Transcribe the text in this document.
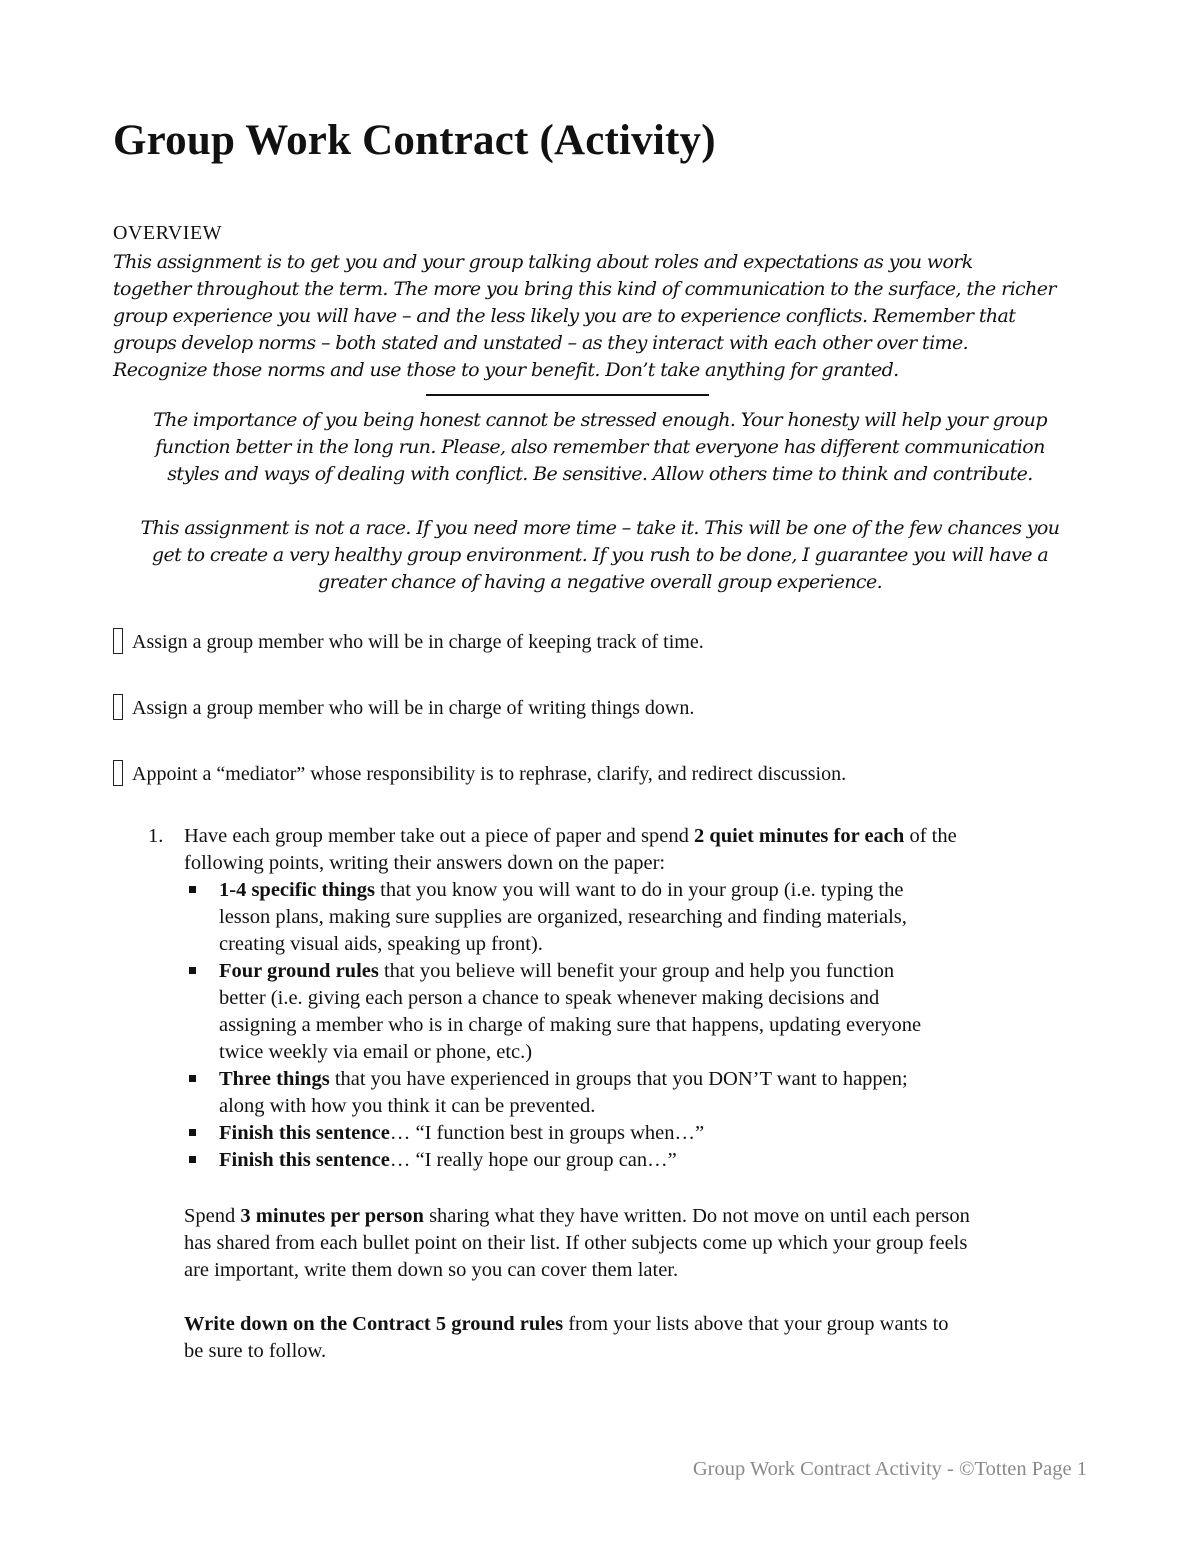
Group Work Contract (Activity)
OVERVIEW
This assignment is to get you and your group talking about roles and expectations as you work
together throughout the term. The more you bring this kind of communication to the surface, the richer
group experience you will have – and the less likely you are to experience conflicts. Remember that
groups develop norms – both stated and unstated – as they interact with each other over time.
Recognize those norms and use those to your benefit. Don’t take anything for granted.
The importance of you being honest cannot be stressed enough. Your honesty will help your group
function better in the long run. Please, also remember that everyone has different communication
styles and ways of dealing with conflict. Be sensitive. Allow others time to think and contribute.
This assignment is not a race. If you need more time – take it. This will be one of the few chances you
get to create a very healthy group environment. If you rush to be done, I guarantee you will have a
greater chance of having a negative overall group experience.
Assign a group member who will be in charge of keeping track of time.
Assign a group member who will be in charge of writing things down.
Appoint a “mediator” whose responsibility is to rephrase, clarify, and redirect discussion.
1.	Have each group member take out a piece of paper and spend 2 quiet minutes for each of the
following points, writing their answers down on the paper:
1-4 specific things that you know you will want to do in your group (i.e. typing the
lesson plans, making sure supplies are organized, researching and finding materials,
creating visual aids, speaking up front).
Four ground rules that you believe will benefit your group and help you function
better (i.e. giving each person a chance to speak whenever making decisions and
assigning a member who is in charge of making sure that happens, updating everyone
twice weekly via email or phone, etc.)
Three things that you have experienced in groups that you DON’T want to happen;
along with how you think it can be prevented.
Finish this sentence… “I function best in groups when…”
Finish this sentence… “I really hope our group can…”
Spend 3 minutes per person sharing what they have written. Do not move on until each person
has shared from each bullet point on their list. If other subjects come up which your group feels
are important, write them down so you can cover them later.
Write down on the Contract 5 ground rules from your lists above that your group wants to
be sure to follow.
Group Work Contract Activity - ©Totten Page 1
